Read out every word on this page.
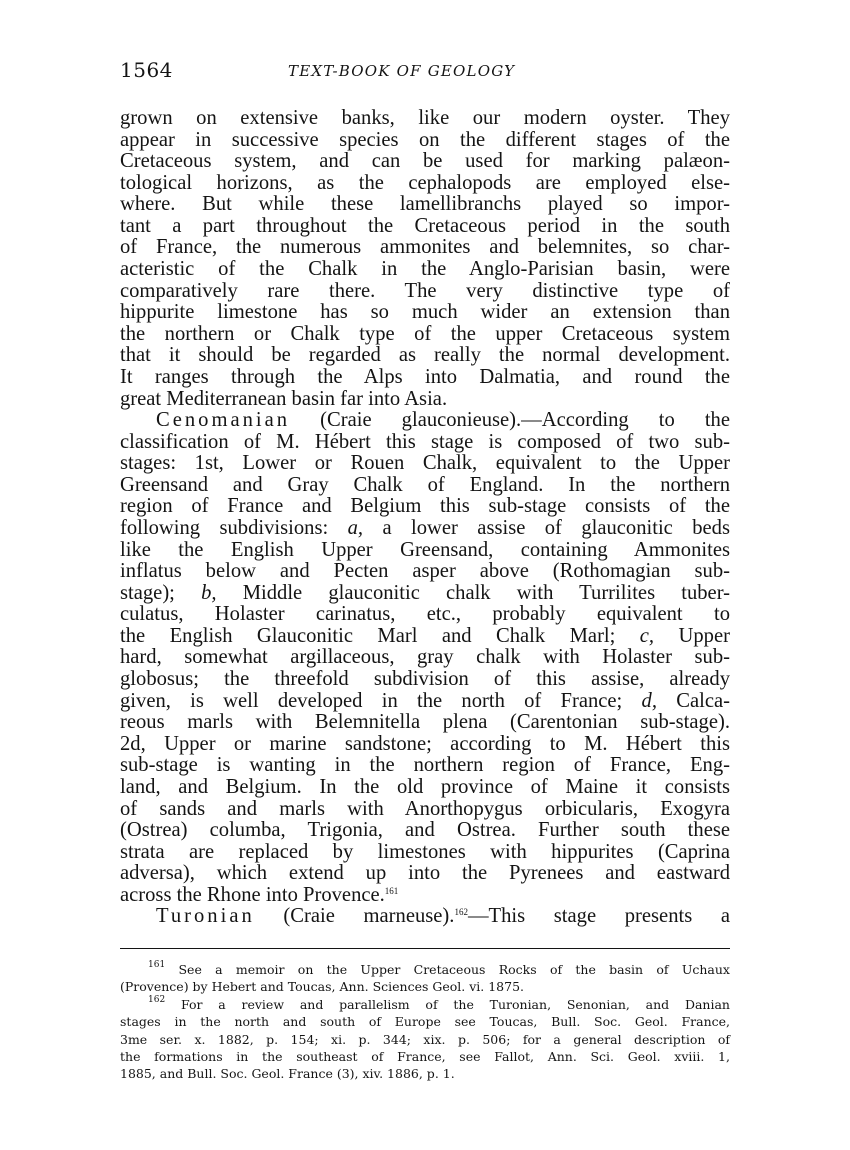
1564	TEXT-BOOK OF GEOLOGY
grown on extensive banks, like our modern oyster. They
appear in successive species on the different stages of the
Cretaceous system, and can be used for marking palæon-
tological horizons, as the cephalopods are employed else-
where. But while these lamellibranchs played so impor-
tant a part throughout the Cretaceous period in the south
of France, the numerous ammonites and belemnites, so char-
acteristic of the Chalk in the Anglo-Parisian basin, were
comparatively rare there. The very distinctive type of
hippurite limestone has so much wider an extension than
the northern or Chalk type of the upper Cretaceous system
that it should be regarded as really the normal development.
It ranges through the Alps into Dalmatia, and round the
great Mediterranean basin far into Asia.
Cenomanian (Craie glauconieuse).—According to the
classification of M. Hébert this stage is composed of two sub-
stages: 1st, Lower or Rouen Chalk, equivalent to the Upper
Greensand and Gray Chalk of England. In the northern
region of France and Belgium this sub-stage consists of the
following subdivisions: a, a lower assise of glauconitic beds
like the English Upper Greensand, containing Ammonites
inflatus below and Pecten asper above (Rothomagian sub-
stage); b, Middle glauconitic chalk with Turrilites tuber-
culatus, Holaster carinatus, etc., probably equivalent to
the English Glauconitic Marl and Chalk Marl; c, Upper
hard, somewhat argillaceous, gray chalk with Holaster sub-
globosus; the threefold subdivision of this assise, already
given, is well developed in the north of France; d, Calca-
reous marls with Belemnitella plena (Carentonian sub-stage).
2d, Upper or marine sandstone; according to M. Hébert this
sub-stage is wanting in the northern region of France, Eng-
land, and Belgium. In the old province of Maine it consists
of sands and marls with Anorthopygus orbicularis, Exogyra
(Ostrea) columba, Trigonia, and Ostrea. Further south these
strata are replaced by limestones with hippurites (Caprina
adversa), which extend up into the Pyrenees and eastward
across the Rhone into Provence.$^{161}$
Turonian (Craie marneuse).$^{162}$—This stage presents a
$^{161}$ See a memoir on the Upper Cretaceous Rocks of the basin of Uchaux
(Provence) by Hebert and Toucas, Ann. Sciences Geol. vi. 1875.
$^{162}$ For a review and parallelism of the Turonian, Senonian, and Danian
stages in the north and south of Europe see Toucas, Bull. Soc. Geol. France,
3me ser. x. 1882, p. 154; xi. p. 344; xix. p. 506; for a general description of
the formations in the southeast of France, see Fallot, Ann. Sci. Geol. xviii. 1,
1885, and Bull. Soc. Geol. France (3), xiv. 1886, p. 1.
